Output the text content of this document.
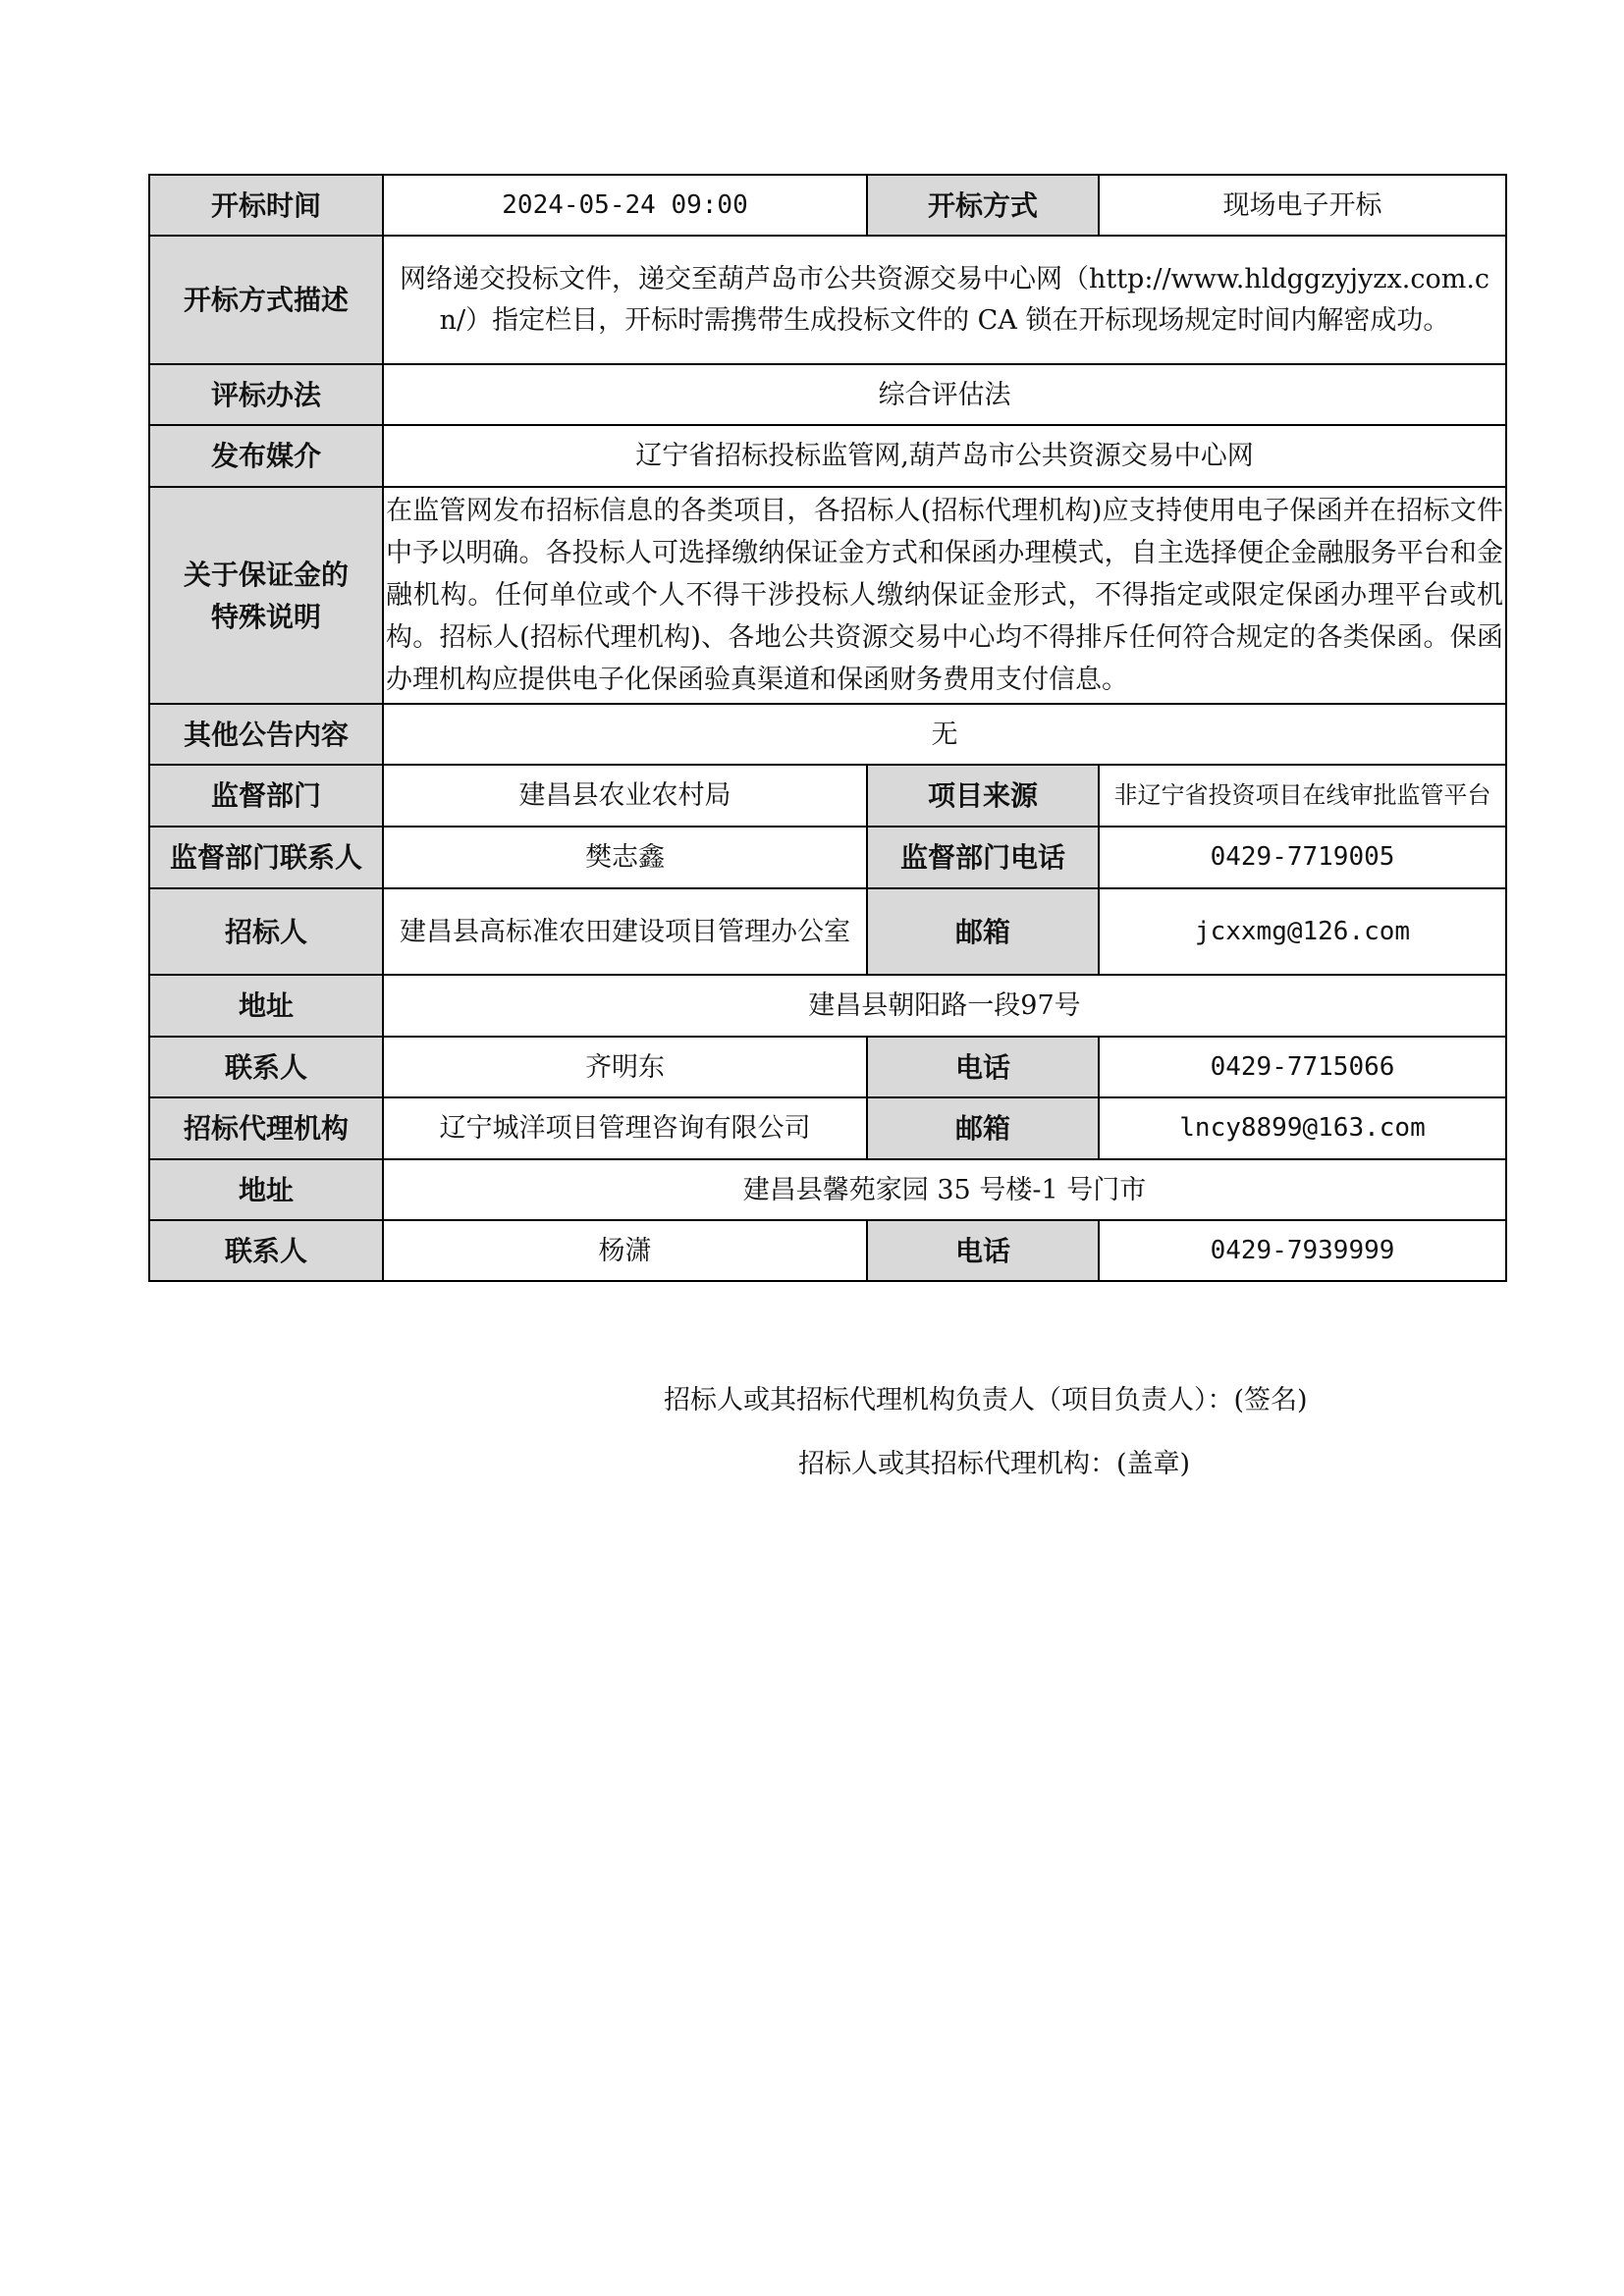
开标时间	2024-05-24 09:00	开标方式	现场电子开标
开标方式描述	网络递交投标文件，递交至葫芦岛市公共资源交易中心网（http://www.hldggzyjyzx.com.cn/）指定栏目，开标时需携带生成投标文件的 CA 锁在开标现场规定时间内解密成功。		
评标办法	综合评估法		
发布媒介	辽宁省招标投标监管网,葫芦岛市公共资源交易中心网		
关于保证金的特殊说明	在监管网发布招标信息的各类项目，各招标人(招标代理机构)应支持使用电子保函并在招标文件中予以明确。各投标人可选择缴纳保证金方式和保函办理模式，自主选择便企金融服务平台和金融机构。任何单位或个人不得干涉投标人缴纳保证金形式，不得指定或限定保函办理平台或机构。招标人(招标代理机构)、各地公共资源交易中心均不得排斥任何符合规定的各类保函。保函办理机构应提供电子化保函验真渠道和保函财务费用支付信息。		
其他公告内容	无		
监督部门	建昌县农业农村局	项目来源	非辽宁省投资项目在线审批监管平台
监督部门联系人	樊志鑫	监督部门电话	0429-7719005
招标人	建昌县高标准农田建设项目管理办公室	邮箱	jcxxmg@126.com
地址	建昌县朝阳路一段97号		
联系人	齐明东	电话	0429-7715066
招标代理机构	辽宁城洋项目管理咨询有限公司	邮箱	lncy8899@163.com
地址	建昌县馨苑家园 35 号楼-1 号门市		
联系人	杨潇	电话	0429-7939999
招标人或其招标代理机构负责人（项目负责人）：(签名)
招标人或其招标代理机构：(盖章)
